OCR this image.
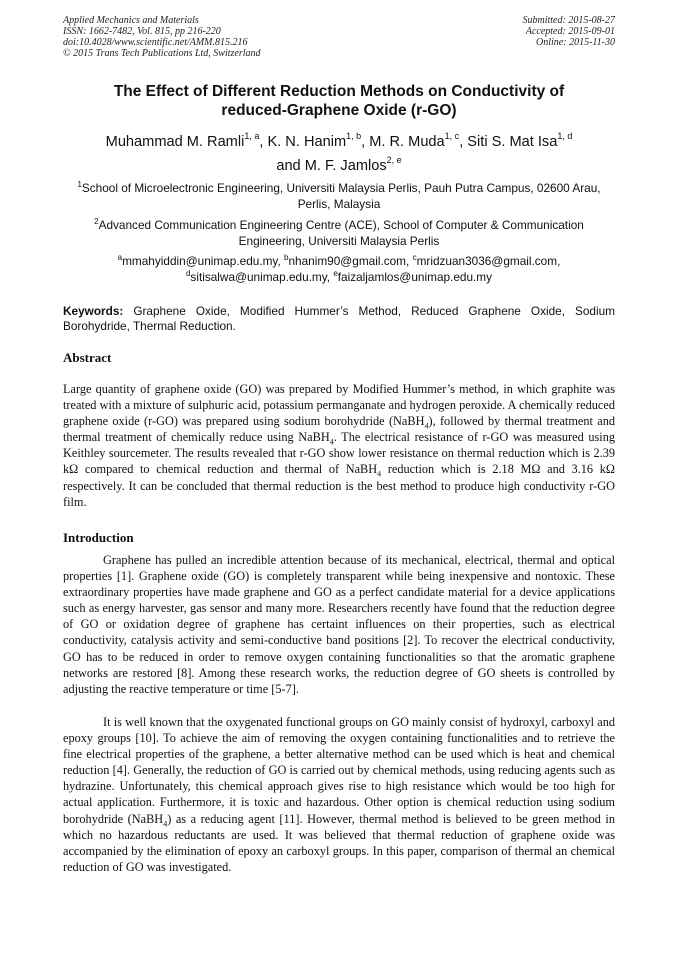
Applied Mechanics and Materials
ISSN: 1662-7482, Vol. 815, pp 216-220
doi:10.4028/www.scientific.net/AMM.815.216
© 2015 Trans Tech Publications Ltd, Switzerland
Submitted: 2015-08-27
Accepted: 2015-09-01
Online: 2015-11-30
The Effect of Different Reduction Methods on Conductivity of
reduced-Graphene Oxide (r-GO)
Muhammad M. Ramli$^{1, a}$, K. N. Hanim$^{1, b}$, M. R. Muda$^{1, c}$, Siti S. Mat Isa$^{1, d}$
and M. F. Jamlos$^{2, e}$
$^1$School of Microelectronic Engineering, Universiti Malaysia Perlis, Pauh Putra Campus, 02600 Arau, Perlis, Malaysia
$^2$Advanced Communication Engineering Centre (ACE), School of Computer & Communication Engineering, Universiti Malaysia Perlis
$^a$mmahyiddin@unimap.edu.my, $^b$nhanim90@gmail.com, $^c$mridzuan3036@gmail.com,
$^d$sitisalwa@unimap.edu.my, $^e$faizaljamlos@unimap.edu.my
Keywords: Graphene Oxide, Modified Hummer’s Method, Reduced Graphene Oxide, Sodium Borohydride, Thermal Reduction.
Abstract
Large quantity of graphene oxide (GO) was prepared by Modified Hummer’s method, in which graphite was treated with a mixture of sulphuric acid, potassium permanganate and hydrogen peroxide. A chemically reduced graphene oxide (r-GO) was prepared using sodium borohydride (NaBH$_4$), followed by thermal treatment and thermal treatment of chemically reduce using NaBH$_4$. The electrical resistance of r-GO was measured using Keithley sourcemeter. The results revealed that r-GO show lower resistance on thermal reduction which is 2.39 kΩ compared to chemical reduction and thermal of NaBH$_4$ reduction which is 2.18 MΩ and 3.16 kΩ respectively. It can be concluded that thermal reduction is the best method to produce high conductivity r-GO film.
Introduction
Graphene has pulled an incredible attention because of its mechanical, electrical, thermal and optical properties [1]. Graphene oxide (GO) is completely transparent while being inexpensive and nontoxic. These extraordinary properties have made graphene and GO as a perfect candidate material for a device applications such as energy harvester, gas sensor and many more. Researchers recently have found that the reduction degree of GO or oxidation degree of graphene has certaint influences on their properties, such as electrical conductivity, catalysis activity and semi-conductive band positions [2]. To recover the electrical conductivity, GO has to be reduced in order to remove oxygen containing functionalities so that the aromatic graphene networks are restored [8]. Among these research works, the reduction degree of GO sheets is controlled by adjusting the reactive temperature or time [5-7].
It is well known that the oxygenated functional groups on GO mainly consist of hydroxyl, carboxyl and epoxy groups [10]. To achieve the aim of removing the oxygen containing functionalities and to retrieve the fine electrical properties of the graphene, a better alternative method can be used which is heat and chemical reduction [4]. Generally, the reduction of GO is carried out by chemical methods, using reducing agents such as hydrazine. Unfortunately, this chemical approach gives rise to high resistance which would be too high for actual application. Furthermore, it is toxic and hazardous. Other option is chemical reduction using sodium borohydride (NaBH$_4$) as a reducing agent [11]. However, thermal method is believed to be green method in which no hazardous reductants are used. It was believed that thermal reduction of graphene oxide was accompanied by the elimination of epoxy an carboxyl groups. In this paper, comparison of thermal an chemical reduction of GO was investigated.
